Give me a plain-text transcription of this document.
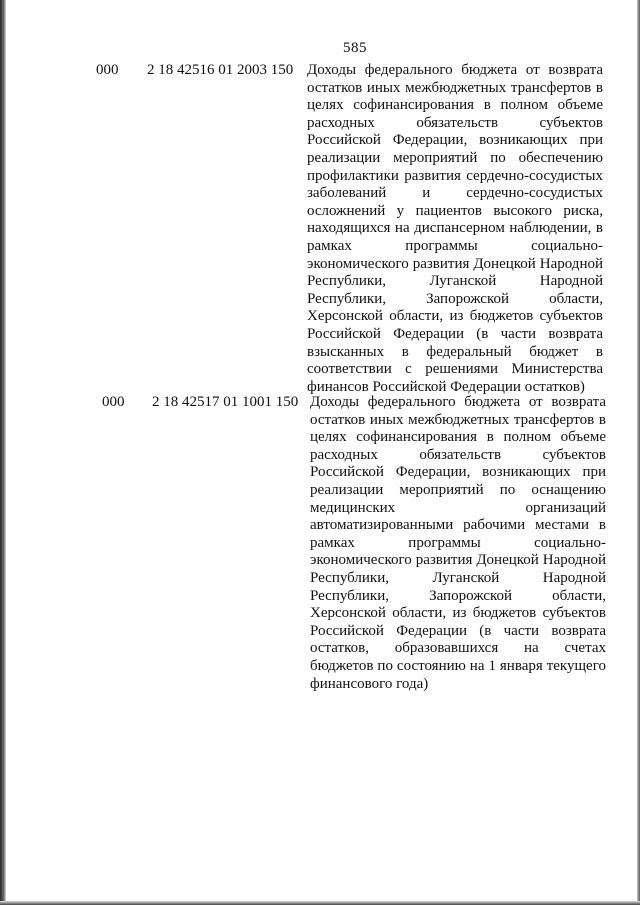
585
000 2 18 42516 01 2003 150 Доходы федерального бюджета от возврата остатков иных межбюджетных трансфертов в целях софинансирования в полном объеме расходных обязательств субъектов Российской Федерации, возникающих при реализации мероприятий по обеспечению профилактики развития сердечно-сосудистых заболеваний и сердечно-сосудистых осложнений у пациентов высокого риска, находящихся на диспансерном наблюдении, в рамках программы социально-экономического развития Донецкой Народной Республики, Луганской Народной Республики, Запорожской области, Херсонской области, из бюджетов субъектов Российской Федерации (в части возврата взысканных в федеральный бюджет в соответствии с решениями Министерства финансов Российской Федерации остатков)
000 2 18 42517 01 1001 150 Доходы федерального бюджета от возврата остатков иных межбюджетных трансфертов в целях софинансирования в полном объеме расходных обязательств субъектов Российской Федерации, возникающих при реализации мероприятий по оснащению медицинских организаций автоматизированными рабочими местами в рамках программы социально-экономического развития Донецкой Народной Республики, Луганской Народной Республики, Запорожской области, Херсонской области, из бюджетов субъектов Российской Федерации (в части возврата остатков, образовавшихся на счетах бюджетов по состоянию на 1 января текущего финансового года)
